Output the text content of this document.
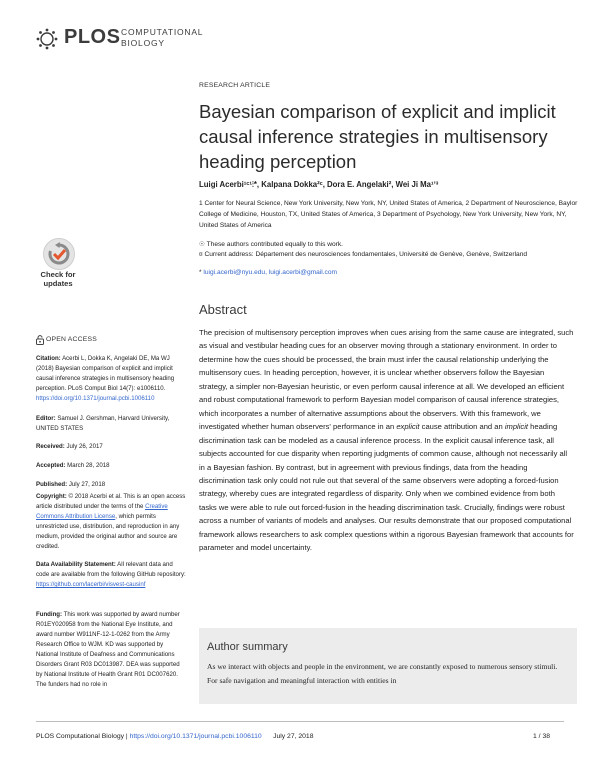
PLOS COMPUTATIONAL
BIOLOGY
RESEARCH ARTICLE
Bayesian comparison of explicit and implicit causal inference strategies in multisensory heading perception
Luigi Acerbi¹ᶜ¹⫶*, Kalpana Dokka²ᶜ, Dora E. Angelaki², Wei Ji Ma¹ʼ³
1 Center for Neural Science, New York University, New York, NY, United States of America, 2 Department of Neuroscience, Baylor College of Medicine, Houston, TX, United States of America, 3 Department of Psychology, New York University, New York, NY, United States of America
☉ These authors contributed equally to this work.
¤ Current address: Département des neurosciences fondamentales, Université de Genève, Genève, Switzerland
* luigi.acerbi@nyu.edu, luigi.acerbi@gmail.com
Abstract
The precision of multisensory perception improves when cues arising from the same cause are integrated, such as visual and vestibular heading cues for an observer moving through a stationary environment. In order to determine how the cues should be processed, the brain must infer the causal relationship underlying the multisensory cues. In heading perception, however, it is unclear whether observers follow the Bayesian strategy, a simpler non-Bayesian heuristic, or even perform causal inference at all. We developed an efficient and robust computational framework to perform Bayesian model comparison of causal inference strategies, which incorporates a number of alternative assumptions about the observers. With this framework, we investigated whether human observers' performance in an explicit cause attribution and an implicit heading discrimination task can be modeled as a causal inference process. In the explicit causal inference task, all subjects accounted for cue disparity when reporting judgments of common cause, although not necessarily all in a Bayesian fashion. By contrast, but in agreement with previous findings, data from the heading discrimination task only could not rule out that several of the same observers were adopting a forced-fusion strategy, whereby cues are integrated regardless of disparity. Only when we combined evidence from both tasks we were able to rule out forced-fusion in the heading discrimination task. Crucially, findings were robust across a number of variants of models and analyses. Our results demonstrate that our proposed computational framework allows researchers to ask complex questions within a rigorous Bayesian framework that accounts for parameter and model uncertainty.
Author summary
As we interact with objects and people in the environment, we are constantly exposed to numerous sensory stimuli. For safe navigation and meaningful interaction with entities in
Check for updates
OPEN ACCESS
Citation: Acerbi L, Dokka K, Angelaki DE, Ma WJ (2018) Bayesian comparison of explicit and implicit causal inference strategies in multisensory heading perception. PLoS Comput Biol 14(7): e1006110. https://doi.org/10.1371/journal.pcbi.1006110
Editor: Samuel J. Gershman, Harvard University, UNITED STATES
Received: July 26, 2017
Accepted: March 28, 2018
Published: July 27, 2018
Copyright: © 2018 Acerbi et al. This is an open access article distributed under the terms of the Creative Commons Attribution License, which permits unrestricted use, distribution, and reproduction in any medium, provided the original author and source are credited.
Data Availability Statement: All relevant data and code are available from the following GitHub repository: https://github.com/lacerbi/visvest-causinf
Funding: This work was supported by award number R01EY020958 from the National Eye Institute, and award number W911NF-12-1-0262 from the Army Research Office to WJM. KD was supported by National Institute of Deafness and Communications Disorders Grant R03 DC013987. DEA was supported by National Institute of Health Grant R01 DC007620. The funders had no role in
PLOS Computational Biology | https://doi.org/10.1371/journal.pcbi.1006110 July 27, 2018	1 / 38
